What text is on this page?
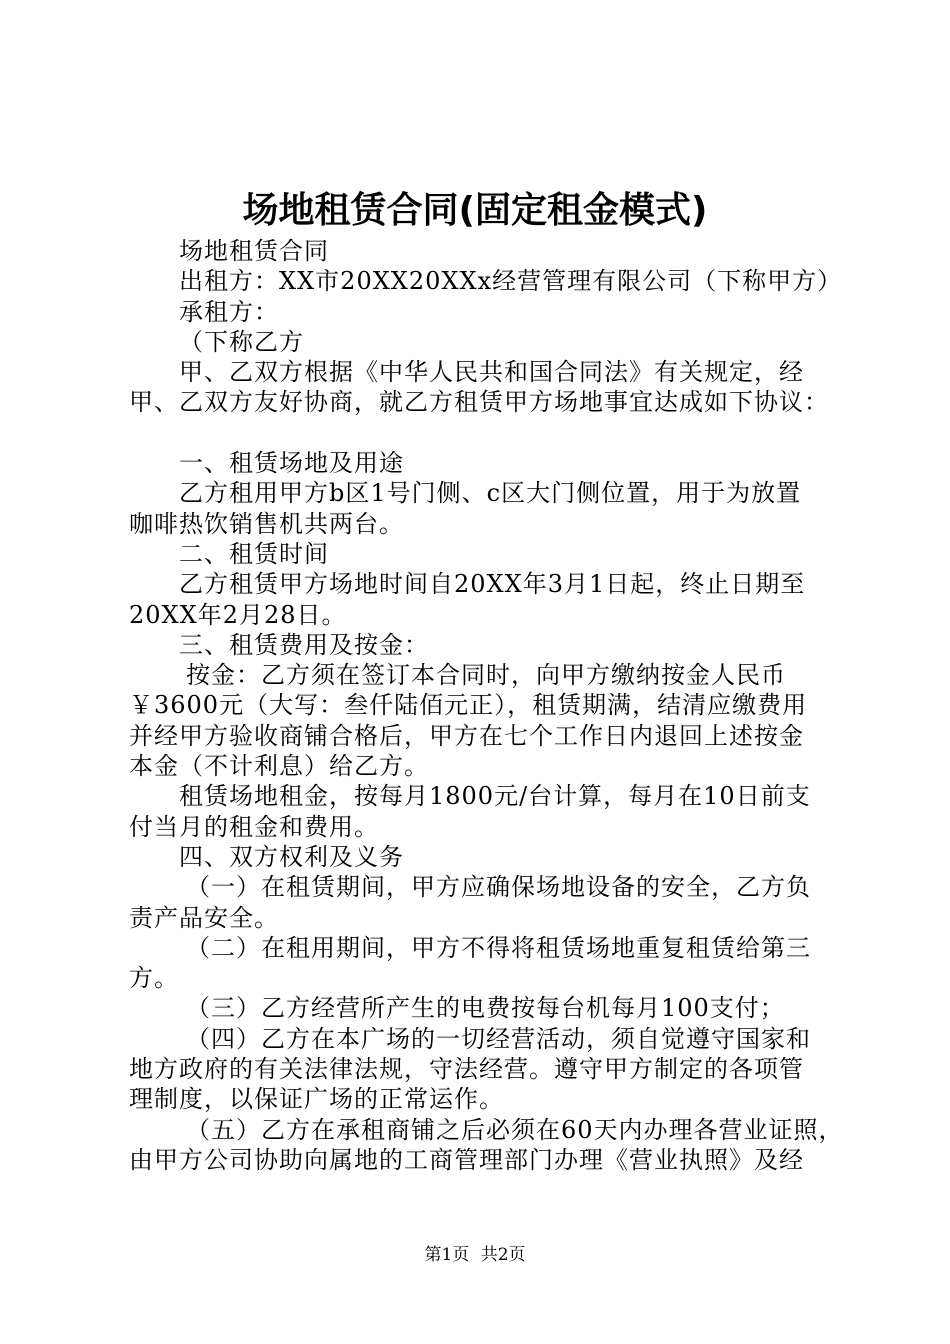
场地租赁合同(固定租金模式)

场地租赁合同

出租方：XX市20XX20XXx经营管理有限公司（下称甲方）

承租方：

（下称乙方

甲、乙双方根据《中华人民共和国合同法》有关规定，经

甲、乙双方友好协商，就乙方租赁甲方场地事宜达成如下协议：

一、租赁场地及用途

乙方租用甲方b区1号门侧、c区大门侧位置，用于为放置

咖啡热饮销售机共两台。

二、租赁时间

乙方租赁甲方场地时间自20XX年3月1日起，终止日期至

20XX年2月28日。

三、租赁费用及按金：

按金：乙方须在签订本合同时，向甲方缴纳按金人民币

￥3600元（大写：叁仟陆佰元正），租赁期满，结清应缴费用

并经甲方验收商铺合格后，甲方在七个工作日内退回上述按金

本金（不计利息）给乙方。

租赁场地租金，按每月1800元/台计算，每月在10日前支

付当月的租金和费用。

四、双方权利及义务

（一）在租赁期间，甲方应确保场地设备的安全，乙方负

责产品安全。

（二）在租用期间，甲方不得将租赁场地重复租赁给第三

方。

（三）乙方经营所产生的电费按每台机每月100支付；

（四）乙方在本广场的一切经营活动，须自觉遵守国家和

地方政府的有关法律法规，守法经营。遵守甲方制定的各项管

理制度，以保证广场的正常运作。

（五）乙方在承租商铺之后必须在60天内办理各营业证照，

由甲方公司协助向属地的工商管理部门办理《营业执照》及经

第1页 共2页
